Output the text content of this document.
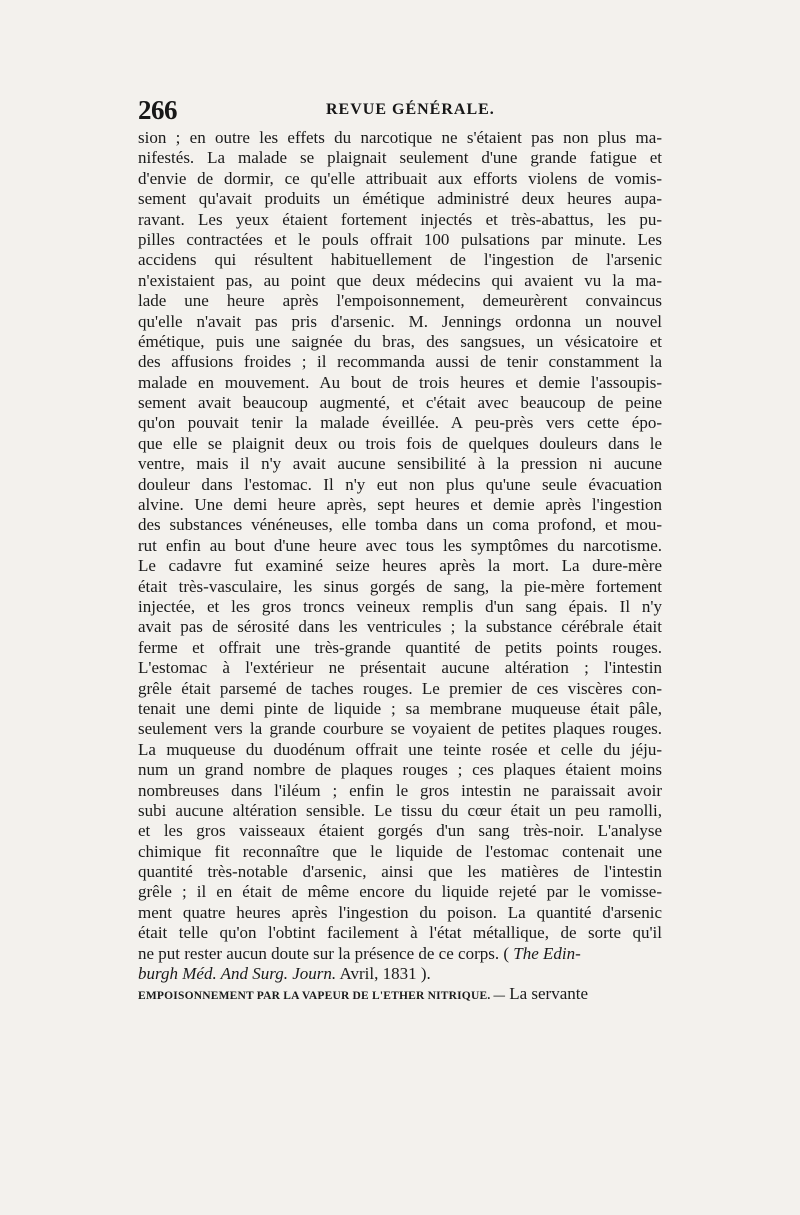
266	REVUE GÉNÉRALE.
sion ; en outre les effets du narcotique ne s'étaient pas non plus ma-
nifestés. La malade se plaignait seulement d'une grande fatigue et
d'envie de dormir, ce qu'elle attribuait aux efforts violens de vomis-
sement qu'avait produits un émétique administré deux heures aupa-
ravant. Les yeux étaient fortement injectés et très-abattus, les pu-
pilles contractées et le pouls offrait 100 pulsations par minute. Les
accidens qui résultent habituellement de l'ingestion de l'arsenic
n'existaient pas, au point que deux médecins qui avaient vu la ma-
lade une heure après l'empoisonnement, demeurèrent convaincus
qu'elle n'avait pas pris d'arsenic. M. Jennings ordonna un nouvel
émétique, puis une saignée du bras, des sangsues, un vésicatoire et
des affusions froides ; il recommanda aussi de tenir constamment la
malade en mouvement. Au bout de trois heures et demie l'assoupis-
sement avait beaucoup augmenté, et c'était avec beaucoup de peine
qu'on pouvait tenir la malade éveillée. A peu-près vers cette épo-
que elle se plaignit deux ou trois fois de quelques douleurs dans le
ventre, mais il n'y avait aucune sensibilité à la pression ni aucune
douleur dans l'estomac. Il n'y eut non plus qu'une seule évacuation
alvine. Une demi heure après, sept heures et demie après l'ingestion
des substances vénéneuses, elle tomba dans un coma profond, et mou-
rut enfin au bout d'une heure avec tous les symptômes du narcotisme.
Le cadavre fut examiné seize heures après la mort. La dure-mère
était très-vasculaire, les sinus gorgés de sang, la pie-mère fortement
injectée, et les gros troncs veineux remplis d'un sang épais. Il n'y
avait pas de sérosité dans les ventricules ; la substance cérébrale était
ferme et offrait une très-grande quantité de petits points rouges.
L'estomac à l'extérieur ne présentait aucune altération ; l'intestin
grêle était parsemé de taches rouges. Le premier de ces viscères con-
tenait une demi pinte de liquide ; sa membrane muqueuse était pâle,
seulement vers la grande courbure se voyaient de petites plaques rouges.
La muqueuse du duodénum offrait une teinte rosée et celle du jéju-
num un grand nombre de plaques rouges ; ces plaques étaient moins
nombreuses dans l'iléum ; enfin le gros intestin ne paraissait avoir
subi aucune altération sensible. Le tissu du cœur était un peu ramolli,
et les gros vaisseaux étaient gorgés d'un sang très-noir. L'analyse
chimique fit reconnaître que le liquide de l'estomac contenait une
quantité très-notable d'arsenic, ainsi que les matières de l'intestin
grêle ; il en était de même encore du liquide rejeté par le vomisse-
ment quatre heures après l'ingestion du poison. La quantité d'arsenic
était telle qu'on l'obtint facilement à l'état métallique, de sorte qu'il
ne put rester aucun doute sur la présence de ce corps. ( The Edin-
burgh Méd. And Surg. Journ. Avril, 1831 ).
EMPOISONNEMENT PAR LA VAPEUR DE L'ETHER NITRIQUE. — La servante
